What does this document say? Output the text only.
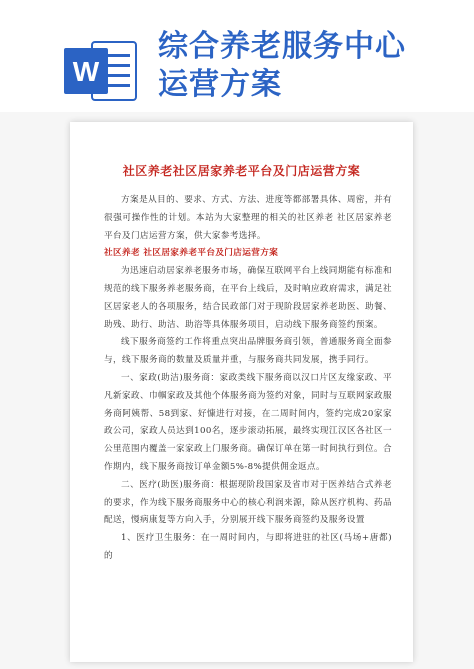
W
综合养老服务中心
运营方案
社区养老社区居家养老平台及门店运营方案

方案是从目的、要求、方式、方法、进度等都部署具体、周密，并有很强可操作性的计划。本站为大家整理的相关的社区养老 社区居家养老平台及门店运营方案，供大家参考选择。

社区养老 社区居家养老平台及门店运营方案

为迅速启动居家养老服务市场，确保互联网平台上线同期能有标准和规范的线下服务养老服务商，在平台上线后，及时响应政府需求，满足社区居家老人的各项服务，结合民政部门对于现阶段居家养老助医、助餐、助残、助行、助洁、助浴等具体服务项目，启动线下服务商签约预案。

线下服务商签约工作将重点突出品牌服务商引领，普通服务商全面参与，线下服务商的数量及质量并重，与服务商共同发展，携手同行。

一、家政(助洁)服务商：家政类线下服务商以汉口片区友缘家政、平凡新家政、巾帼家政及其他个体服务商为签约对象，同时与互联网家政服务商阿姨帮、58到家、好慷进行对接，在二周时间内，签约完成20家家政公司，家政人员达到100名，逐步滚动拓展，最终实现江汉区各社区一公里范围内覆盖一家家政上门服务商。确保订单在第一时间执行到位。合作期内，线下服务商按订单金额5%-8%提供佣金返点。

二、医疗(助医)服务商：根据现阶段国家及省市对于医养结合式养老的要求，作为线下服务商服务中心的核心利润来源，除从医疗机构、药品配送，慢病康复等方向入手，分别展开线下服务商签约及服务设置

1、医疗卫生服务：在一周时间内，与即将进驻的社区(马场+唐都)的
